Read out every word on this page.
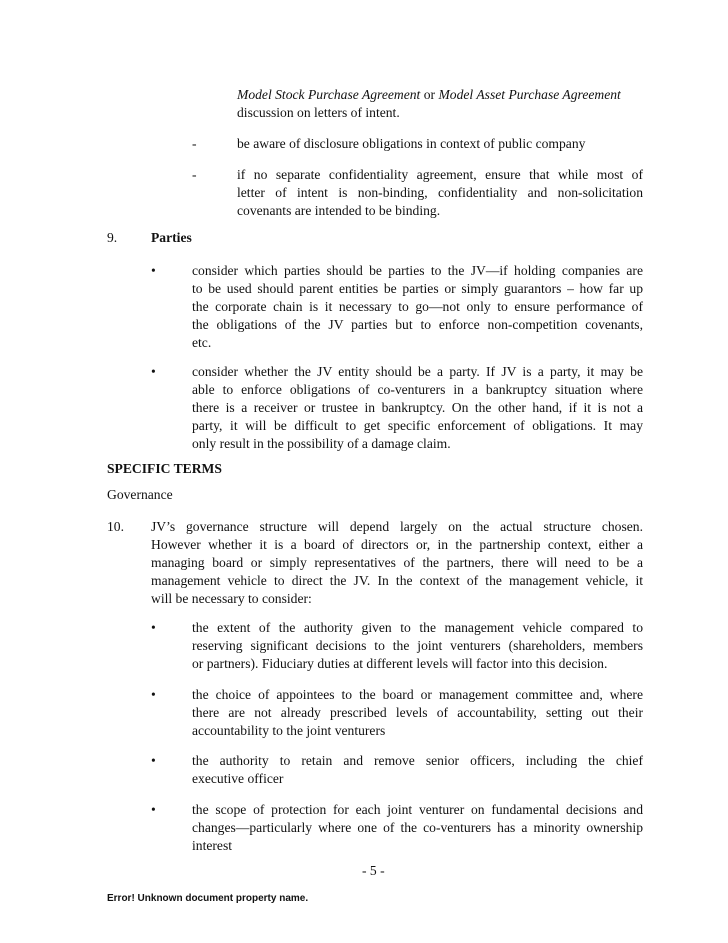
Model Stock Purchase Agreement or Model Asset Purchase Agreement
discussion on letters of intent.
-	be aware of disclosure obligations in context of public company
-	if no separate confidentiality agreement, ensure that while most of
letter of intent is non-binding, confidentiality and non-solicitation
covenants are intended to be binding.
9. Parties
•	consider which parties should be parties to the JV—if holding companies are
to be used should parent entities be parties or simply guarantors – how far up
the corporate chain is it necessary to go—not only to ensure performance of
the obligations of the JV parties but to enforce non-competition covenants,
etc.
•	consider whether the JV entity should be a party. If JV is a party, it may be
able to enforce obligations of co-venturers in a bankruptcy situation where
there is a receiver or trustee in bankruptcy. On the other hand, if it is not a
party, it will be difficult to get specific enforcement of obligations. It may
only result in the possibility of a damage claim.
SPECIFIC TERMS
Governance
10. JV’s governance structure will depend largely on the actual structure chosen.
However whether it is a board of directors or, in the partnership context, either a
managing board or simply representatives of the partners, there will need to be a
management vehicle to direct the JV. In the context of the management vehicle, it
will be necessary to consider:
•	the extent of the authority given to the management vehicle compared to
reserving significant decisions to the joint venturers (shareholders, members
or partners). Fiduciary duties at different levels will factor into this decision.
•	the choice of appointees to the board or management committee and, where
there are not already prescribed levels of accountability, setting out their
accountability to the joint venturers
•	the authority to retain and remove senior officers, including the chief
executive officer
•	the scope of protection for each joint venturer on fundamental decisions and
changes—particularly where one of the co-venturers has a minority ownership
interest
- 5 -
Error! Unknown document property name.
